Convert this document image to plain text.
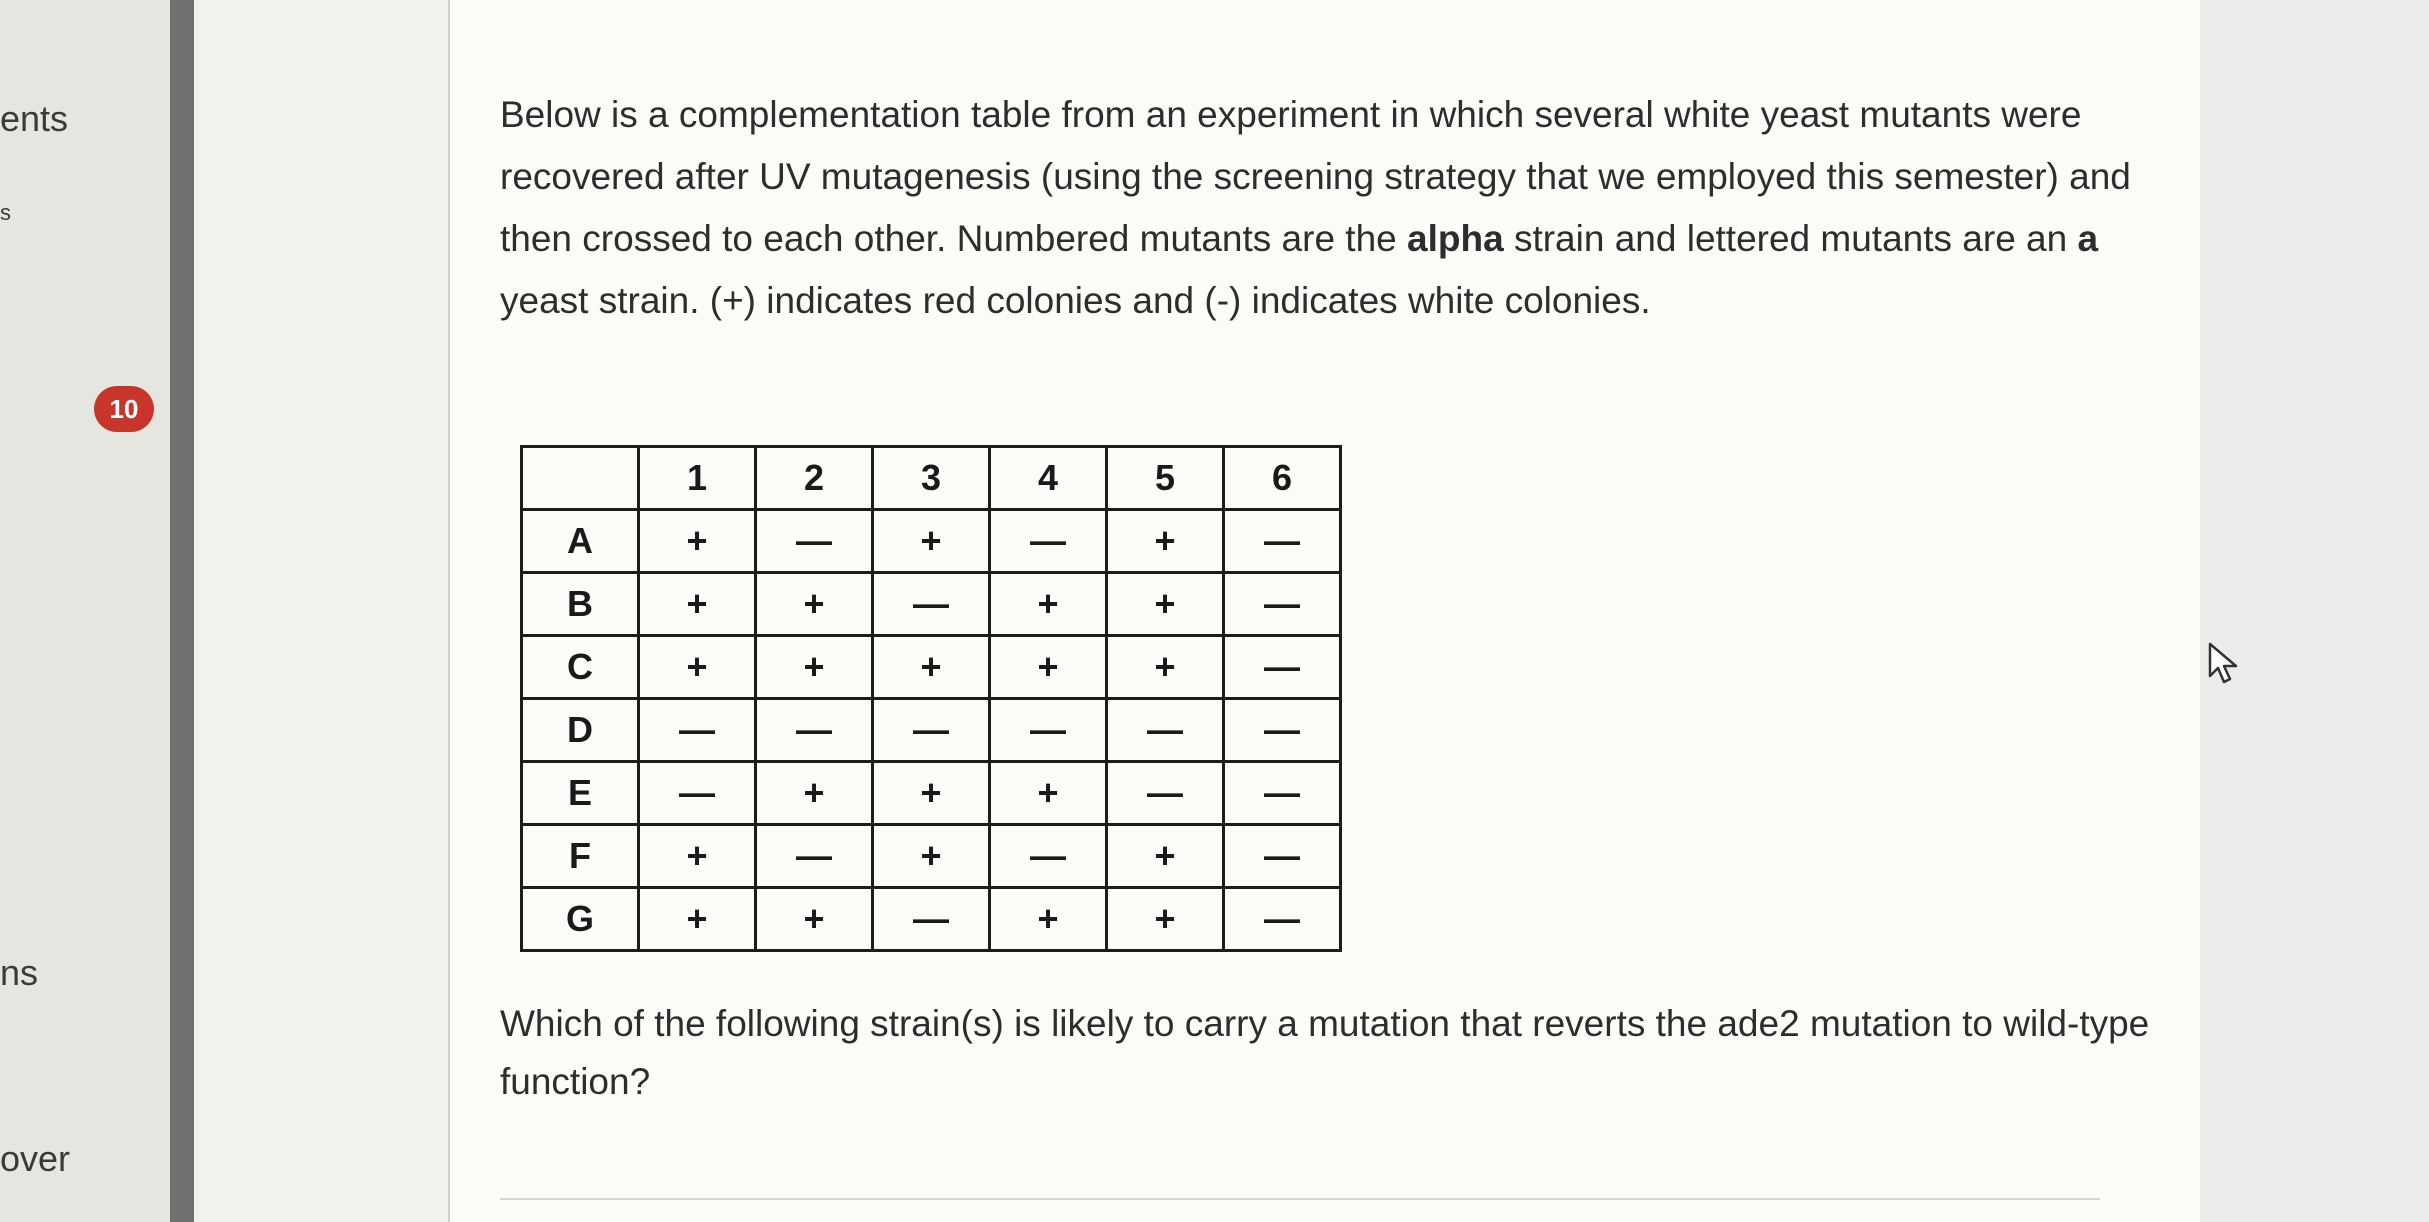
ents
s
ns
over
10

Below is a complementation table from an experiment in which several white yeast mutants were recovered after UV mutagenesis (using the screening strategy that we employed this semester) and then crossed to each other. Numbered mutants are the alpha strain and lettered mutants are an a yeast strain. (+) indicates red colonies and (-) indicates white colonies.

	1	2	3	4	5	6
A	+	—	+	—	+	—
B	+	+	—	+	+	—
C	+	+	+	+	+	—
D	—	—	—	—	—	—
E	—	+	+	+	—	—
F	+	—	+	—	+	—
G	+	+	—	+	+	—

Which of the following strain(s) is likely to carry a mutation that reverts the ade2 mutation to wild-type function?
